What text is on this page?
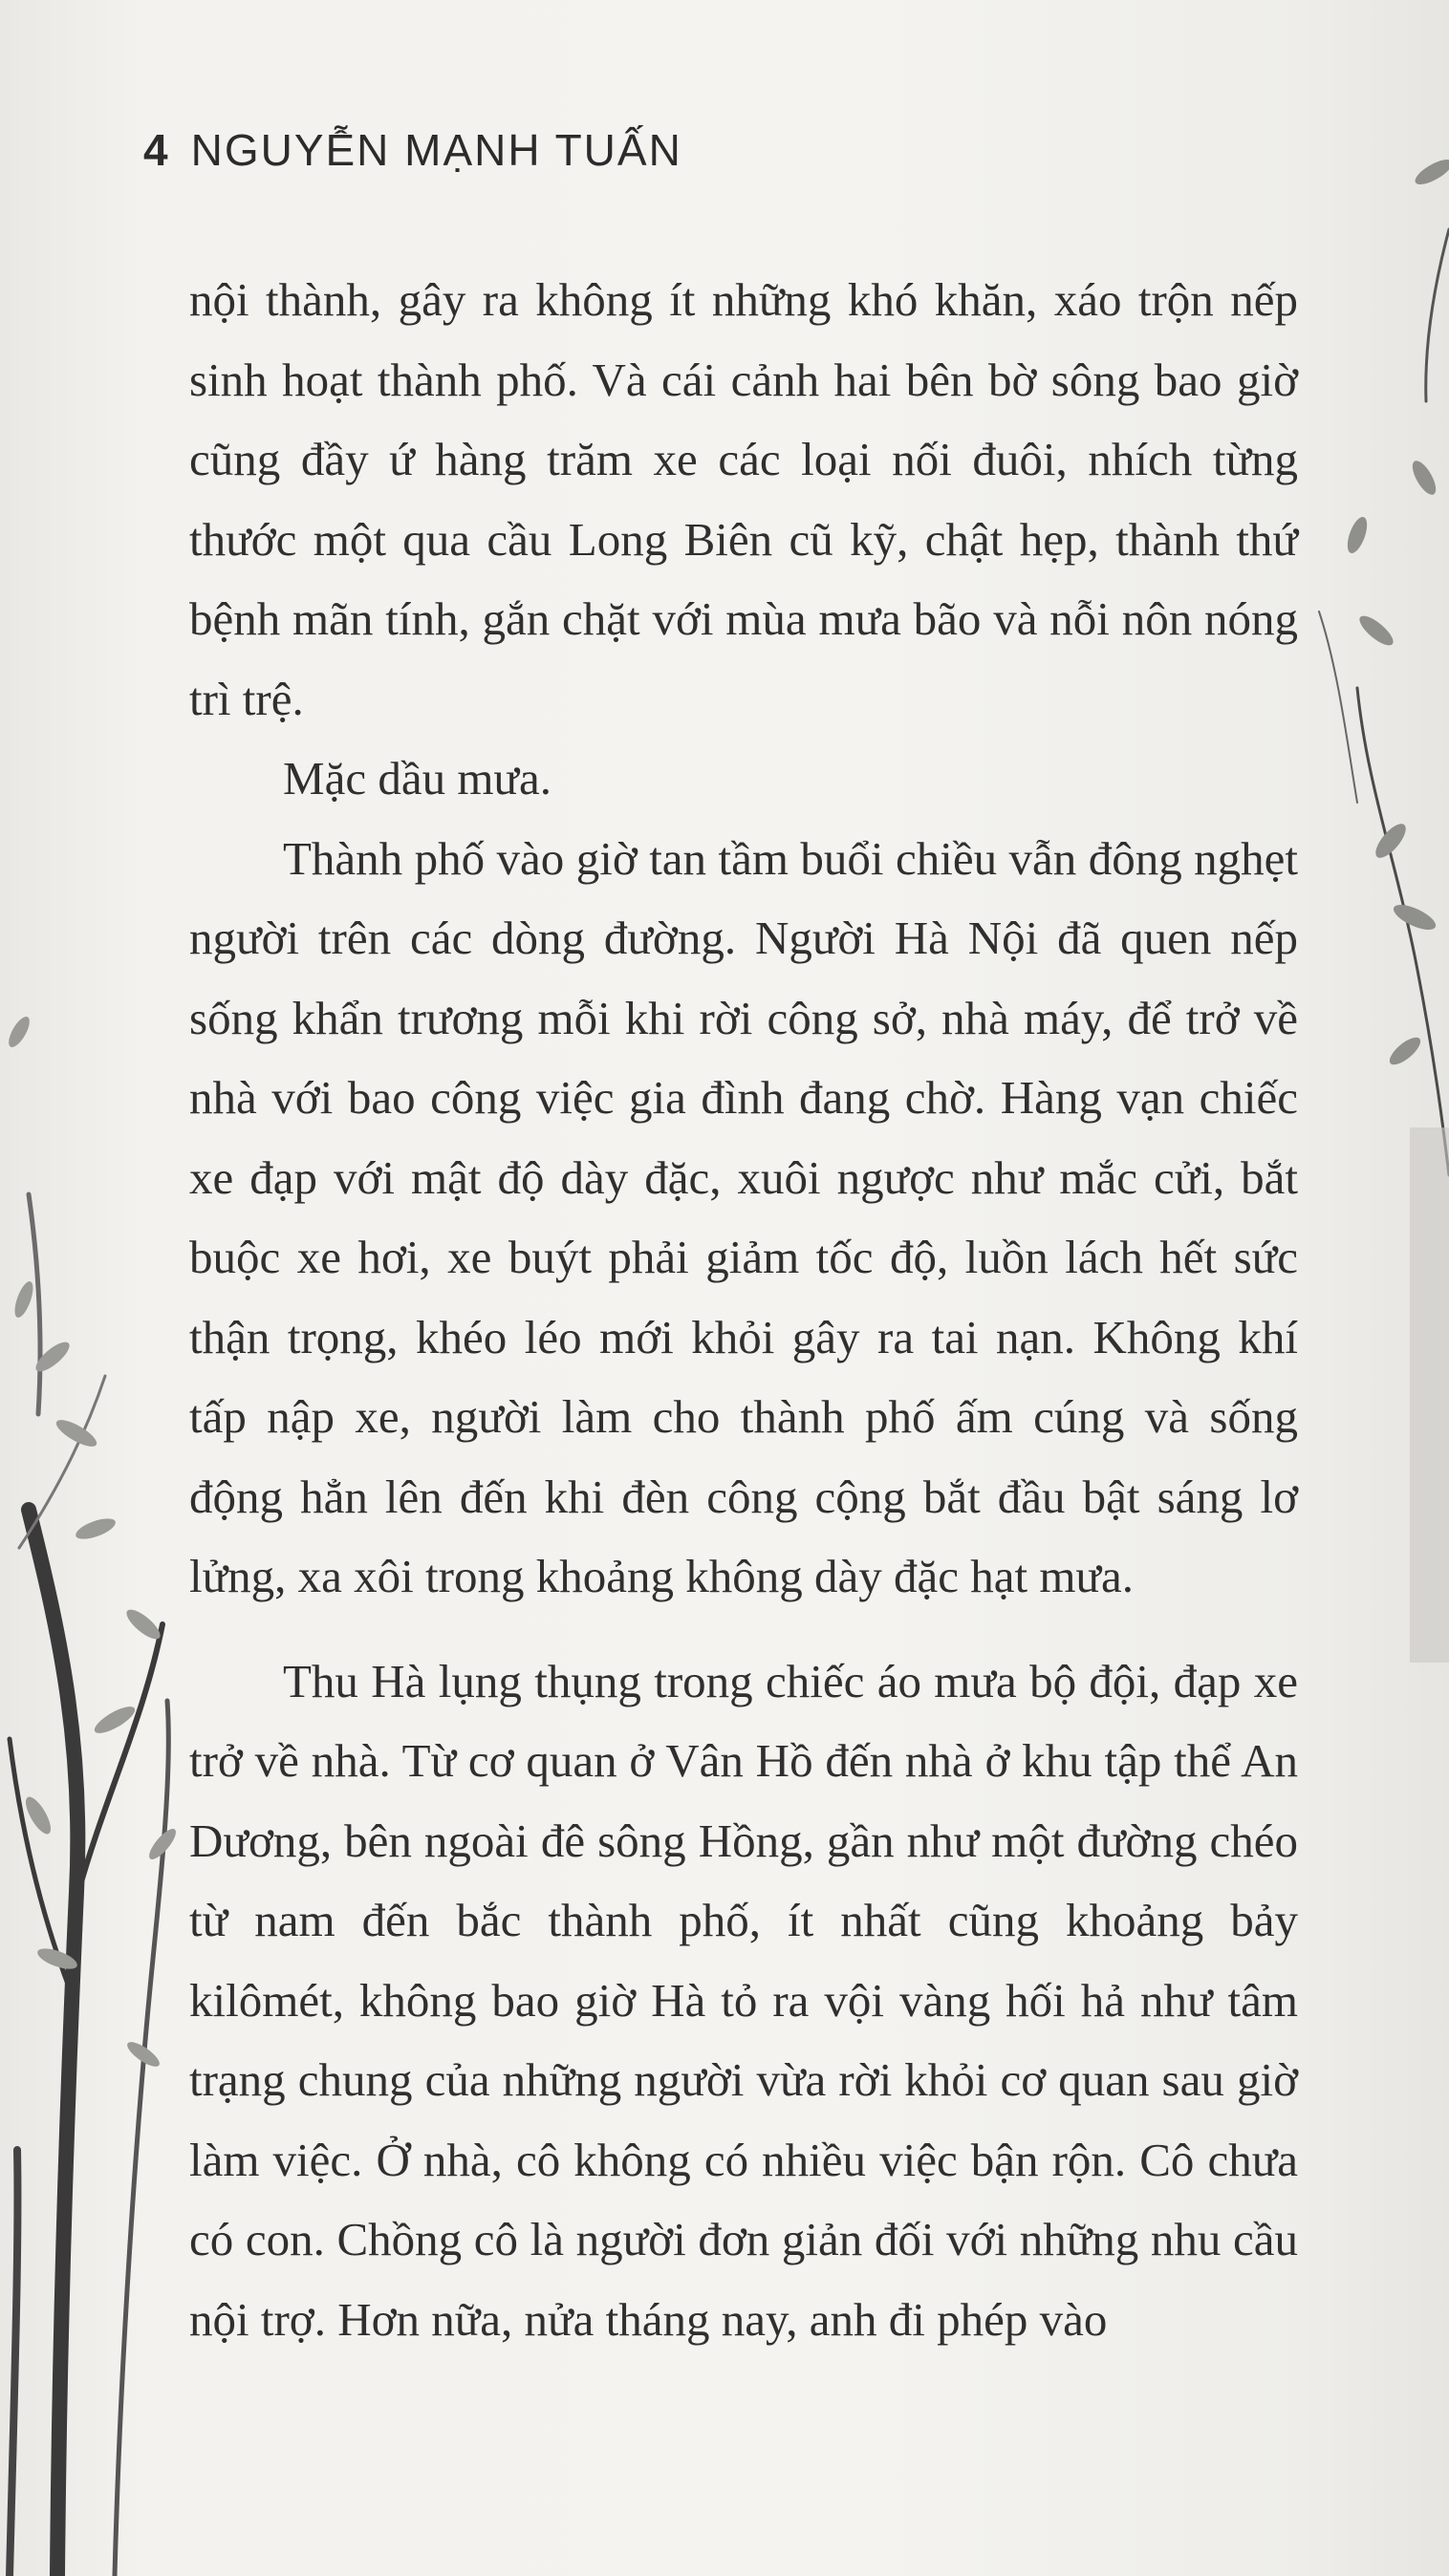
4 NGUYỄN MẠNH TUẤN

nội thành, gây ra không ít những khó khăn, xáo trộn nếp sinh hoạt thành phố. Và cái cảnh hai bên bờ sông bao giờ cũng đầy ứ hàng trăm xe các loại nối đuôi, nhích từng thước một qua cầu Long Biên cũ kỹ, chật hẹp, thành thứ bệnh mãn tính, gắn chặt với mùa mưa bão và nỗi nôn nóng trì trệ.

Mặc dầu mưa.

Thành phố vào giờ tan tầm buổi chiều vẫn đông nghẹt người trên các dòng đường. Người Hà Nội đã quen nếp sống khẩn trương mỗi khi rời công sở, nhà máy, để trở về nhà với bao công việc gia đình đang chờ. Hàng vạn chiếc xe đạp với mật độ dày đặc, xuôi ngược như mắc cửi, bắt buộc xe hơi, xe buýt phải giảm tốc độ, luồn lách hết sức thận trọng, khéo léo mới khỏi gây ra tai nạn. Không khí tấp nập xe, người làm cho thành phố ấm cúng và sống động hẳn lên đến khi đèn công cộng bắt đầu bật sáng lơ lửng, xa xôi trong khoảng không dày đặc hạt mưa.

Thu Hà lụng thụng trong chiếc áo mưa bộ đội, đạp xe trở về nhà. Từ cơ quan ở Vân Hồ đến nhà ở khu tập thể An Dương, bên ngoài đê sông Hồng, gần như một đường chéo từ nam đến bắc thành phố, ít nhất cũng khoảng bảy kilômét, không bao giờ Hà tỏ ra vội vàng hối hả như tâm trạng chung của những người vừa rời khỏi cơ quan sau giờ làm việc. Ở nhà, cô không có nhiều việc bận rộn. Cô chưa có con. Chồng cô là người đơn giản đối với những nhu cầu nội trợ. Hơn nữa, nửa tháng nay, anh đi phép vào
